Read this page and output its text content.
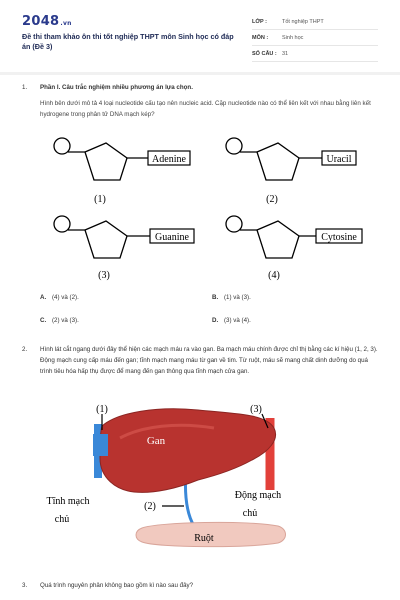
2048.vn
Đề thi tham khảo ôn thi tốt nghiệp THPT môn Sinh học có đáp án (Đề 3)
LỚP :	Tốt nghiệp THPT
MÔN :	Sinh học
SỐ CÂU : 31
1.	Phần I. Câu trắc nghiệm nhiều phương án lựa chọn.
Hình bên dưới mô tả 4 loại nucleotide cấu tạo nên nucleic acid. Cặp nucleotide nào có thể liên kết với nhau bằng liên kết hydrogene trong phân tử DNA mạch kép?
Adenine
(1)
Uracil
(2)
Guanine
(3)
Cytosine
(4)
A. (4) và (2).	B. (1) và (3).
C. (2) và (3).	D. (3) và (4).
2.	Hình lát cắt ngang dưới đây thể hiện các mạch máu ra vào gan. Ba mạch máu chính được chỉ thị bằng các kí hiệu (1, 2, 3). Động mạch cung cấp máu đến gan; tĩnh mạch mang máu từ gan về tim. Từ ruột, máu sẽ mang chất dinh dưỡng do quá trình tiêu hóa hấp thụ được để mang đến gan thông qua tĩnh mạch cửa gan.
(1)	(3)
(2)
Gan
Tĩnh mạch
chủ
Động mạch
chủ
Ruột
3.	Quá trình nguyên phân không bao gồm kì nào sau đây?
